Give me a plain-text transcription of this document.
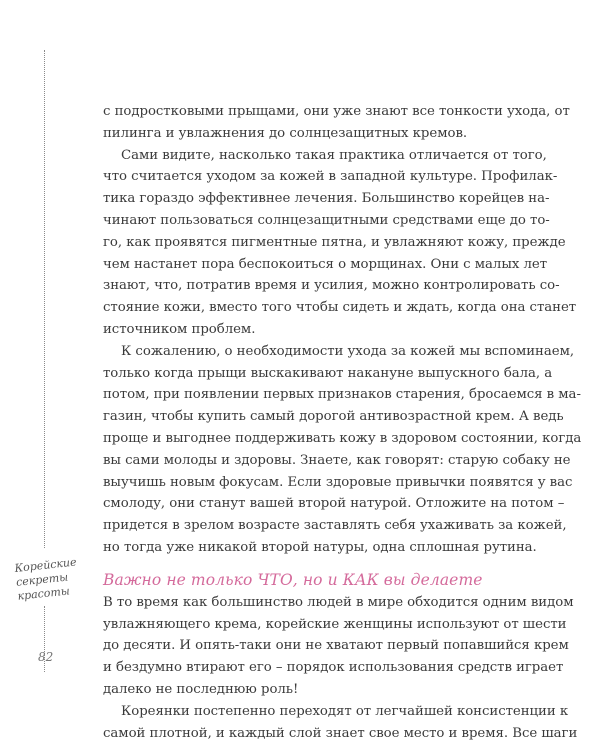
Корейские
секреты
красоты
82

с подростковыми прыщами, они уже знают все тонкости ухода, от
пилинга и увлажнения до солнцезащитных кремов.

Сами видите, насколько такая практика отличается от того,
что считается уходом за кожей в западной культуре. Профилак-
тика гораздо эффективнее лечения. Большинство корейцев на-
чинают пользоваться солнцезащитными средствами еще до то-
го, как проявятся пигментные пятна, и увлажняют кожу, прежде
чем настанет пора беспокоиться о морщинах. Они с малых лет
знают, что, потратив время и усилия, можно контролировать со-
стояние кожи, вместо того чтобы сидеть и ждать, когда она станет
источником проблем.

К сожалению, о необходимости ухода за кожей мы вспоминаем,
только когда прыщи выскакивают накануне выпускного бала, а
потом, при появлении первых признаков старения, бросаемся в ма-
газин, чтобы купить самый дорогой антивозрастной крем. А ведь
проще и выгоднее поддерживать кожу в здоровом состоянии, когда
вы сами молоды и здоровы. Знаете, как говорят: старую собаку не
выучишь новым фокусам. Если здоровые привычки появятся у вас
смолоду, они станут вашей второй натурой. Отложите на потом –
придется в зрелом возрасте заставлять себя ухаживать за кожей,
но тогда уже никакой второй натуры, одна сплошная рутина.

Важно не только ЧТО, но и КАК вы делаете

В то время как большинство людей в мире обходится одним видом
увлажняющего крема, корейские женщины используют от шести
до десяти. И опять-таки они не хватают первый попавшийся крем
и бездумно втирают его – порядок использования средств играет
далеко не последнюю роль!

Кореянки постепенно переходят от легчайшей консистенции к
самой плотной, и каждый слой знает свое место и время. Все шаги
